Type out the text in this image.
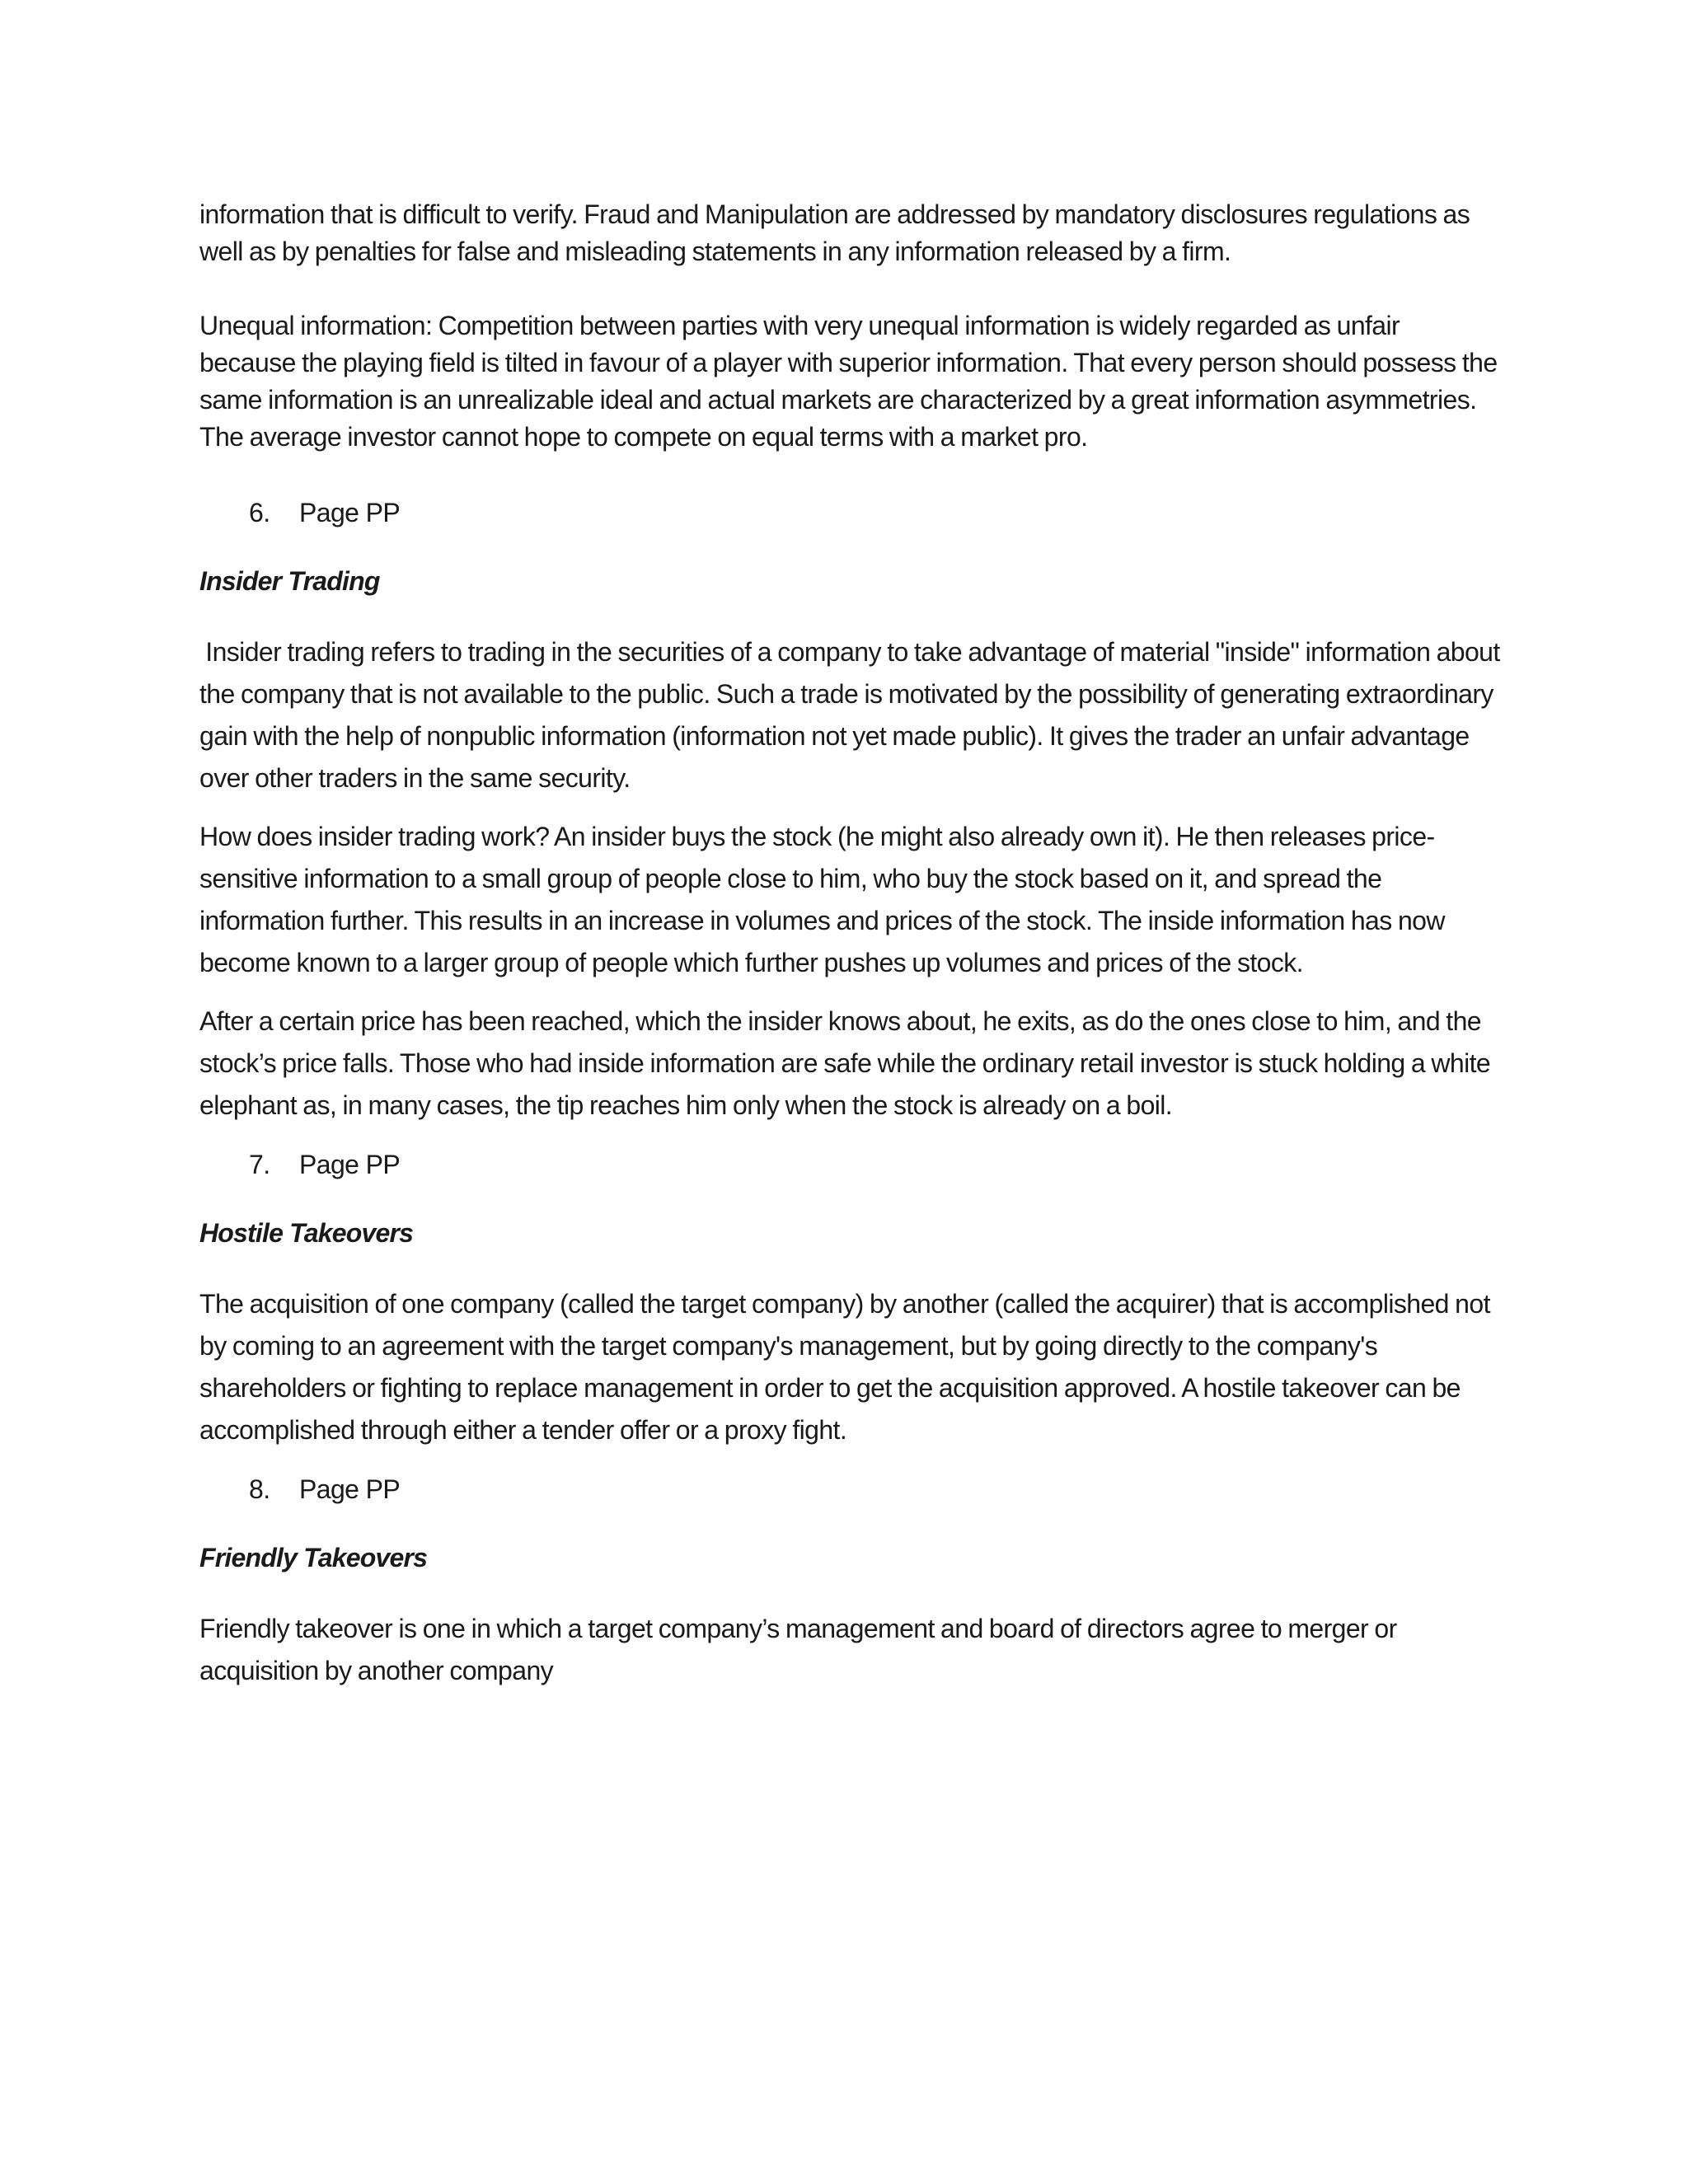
information that is difficult to verify. Fraud and Manipulation are addressed by mandatory disclosures regulations as well as by penalties for false and misleading statements in any information released by a firm.

Unequal information: Competition between parties with very unequal information is widely regarded as unfair because the playing field is tilted in favour of a player with superior information. That every person should possess the same information is an unrealizable ideal and actual markets are characterized by a great information asymmetries. The average investor cannot hope to compete on equal terms with a market pro.

6.	Page PP
Insider Trading

Insider trading refers to trading in the securities of a company to take advantage of material "inside" information about the company that is not available to the public. Such a trade is motivated by the possibility of generating extraordinary gain with the help of nonpublic information (information not yet made public). It gives the trader an unfair advantage over other traders in the same security.

How does insider trading work? An insider buys the stock (he might also already own it). He then releases price- sensitive information to a small group of people close to him, who buy the stock based on it, and spread the information further. This results in an increase in volumes and prices of the stock. The inside information has now become known to a larger group of people which further pushes up volumes and prices of the stock.

After a certain price has been reached, which the insider knows about, he exits, as do the ones close to him, and the stock’s price falls. Those who had inside information are safe while the ordinary retail investor is stuck holding a white elephant as, in many cases, the tip reaches him only when the stock is already on a boil.

7.	Page PP
Hostile Takeovers

The acquisition of one company (called the target company) by another (called the acquirer) that is accomplished not by coming to an agreement with the target company's management, but by going directly to the company's shareholders or fighting to replace management in order to get the acquisition approved. A hostile takeover can be accomplished through either a tender offer or a proxy fight.

8.	Page PP
Friendly Takeovers

Friendly takeover is one in which a target company’s management and board of directors agree to merger or acquisition by another company
